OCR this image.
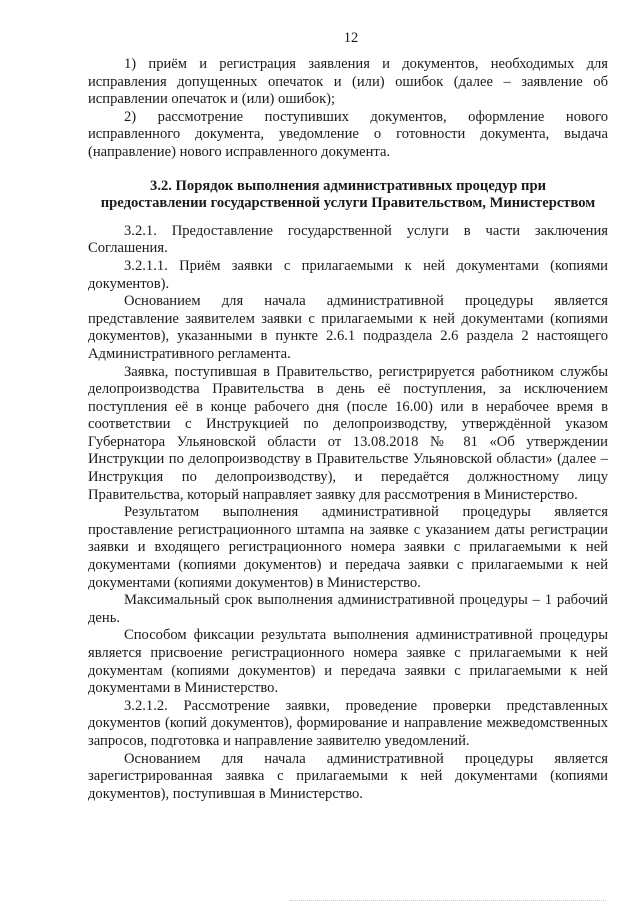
12

1) приём и регистрация заявления и документов, необходимых для исправления допущенных опечаток и (или) ошибок (далее – заявление об исправлении опечаток и (или) ошибок);

2) рассмотрение поступивших документов, оформление нового исправленного документа, уведомление о готовности документа, выдача (направление) нового исправленного документа.

3.2. Порядок выполнения административных процедур при
предоставлении государственной услуги Правительством, Министерством

3.2.1. Предоставление государственной услуги в части заключения Соглашения.

3.2.1.1. Приём заявки с прилагаемыми к ней документами (копиями документов).

Основанием для начала административной процедуры является представление заявителем заявки с прилагаемыми к ней документами (копиями документов), указанными в пункте 2.6.1 подраздела 2.6 раздела 2 настоящего Административного регламента.

Заявка, поступившая в Правительство, регистрируется работником службы делопроизводства Правительства в день её поступления, за исключением поступления её в конце рабочего дня (после 16.00) или в нерабочее время в соответствии с Инструкцией по делопроизводству, утверждённой указом Губернатора Ульяновской области от 13.08.2018 № 81 «Об утверждении Инструкции по делопроизводству в Правительстве Ульяновской области» (далее – Инструкция по делопроизводству), и передаётся должностному лицу Правительства, который направляет заявку для рассмотрения в Министерство.

Результатом выполнения административной процедуры является проставление регистрационного штампа на заявке с указанием даты регистрации заявки и входящего регистрационного номера заявки с прилагаемыми к ней документами (копиями документов) и передача заявки с прилагаемыми к ней документами (копиями документов) в Министерство.

Максимальный срок выполнения административной процедуры – 1 рабочий день.

Способом фиксации результата выполнения административной процедуры является присвоение регистрационного номера заявке с прилагаемыми к ней документам (копиями документов) и передача заявки с прилагаемыми к ней документами в Министерство.

3.2.1.2. Рассмотрение заявки, проведение проверки представленных документов (копий документов), формирование и направление межведомственных запросов, подготовка и направление заявителю уведомлений.

Основанием для начала административной процедуры является зарегистрированная заявка с прилагаемыми к ней документами (копиями документов), поступившая в Министерство.
